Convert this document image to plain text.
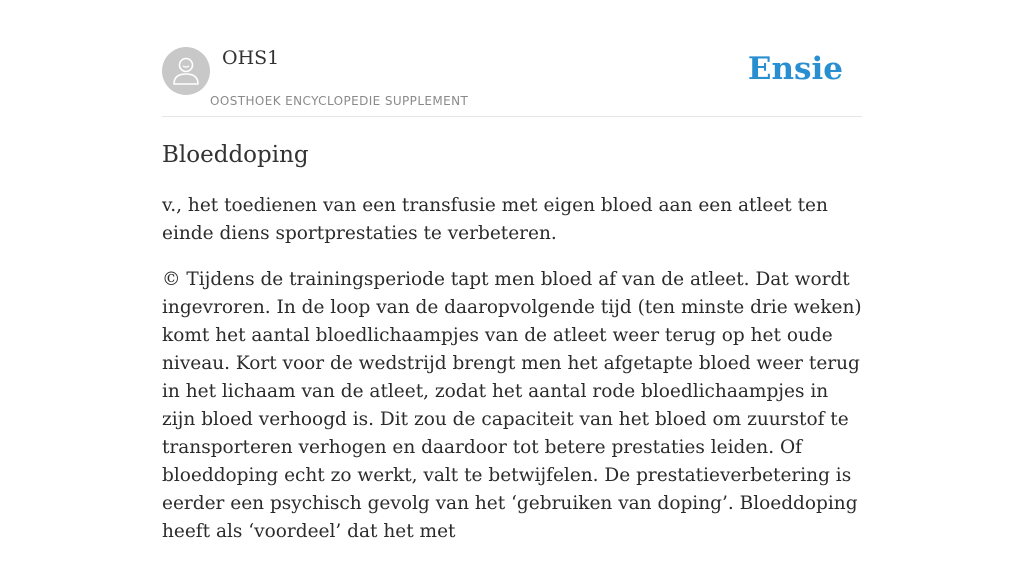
OHS1
OOSTHOEK ENCYCLOPEDIE SUPPLEMENT
Ensie
Bloeddoping

v., het toedienen van een transfusie met eigen bloed aan een atleet ten einde diens sportprestaties te verbeteren.

© Tijdens de trainingsperiode tapt men bloed af van de atleet. Dat wordt ingevroren. In de loop van de daaropvolgende tijd (ten minste drie weken) komt het aantal bloedlichaampjes van de atleet weer terug op het oude niveau. Kort voor de wedstrijd brengt men het afgetapte bloed weer terug in het lichaam van de atleet, zodat het aantal rode bloedlichaampjes in zijn bloed verhoogd is. Dit zou de capaciteit van het bloed om zuurstof te transporteren verhogen en daardoor tot betere prestaties leiden. Of bloeddoping echt zo werkt, valt te betwijfelen. De prestatieverbetering is eerder een psychisch gevolg van het ‘gebruiken van doping’. Bloeddoping heeft als ‘voordeel’ dat het met
